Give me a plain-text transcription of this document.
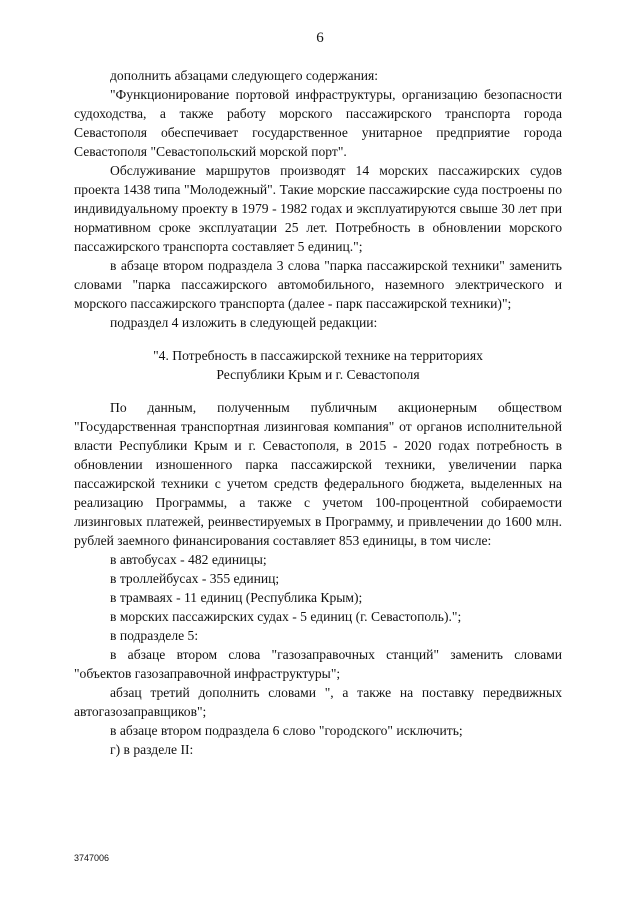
6

дополнить абзацами следующего содержания:

"Функционирование портовой инфраструктуры, организацию безопасности судоходства, а также работу морского пассажирского транспорта города Севастополя обеспечивает государственное унитарное предприятие города Севастополя "Севастопольский морской порт".

Обслуживание маршрутов производят 14 морских пассажирских судов проекта 1438 типа "Молодежный". Такие морские пассажирские суда построены по индивидуальному проекту в 1979 - 1982 годах и эксплуатируются свыше 30 лет при нормативном сроке эксплуатации 25 лет. Потребность в обновлении морского пассажирского транспорта составляет 5 единиц.";

в абзаце втором подраздела 3 слова "парка пассажирской техники" заменить словами "парка пассажирского автомобильного, наземного электрического и морского пассажирского транспорта (далее - парк пассажирской техники)";

подраздел 4 изложить в следующей редакции:

"4. Потребность в пассажирской технике на территориях
Республики Крым и г. Севастополя

По данным, полученным публичным акционерным обществом "Государственная транспортная лизинговая компания" от органов исполнительной власти Республики Крым и г. Севастополя, в 2015 - 2020 годах потребность в обновлении изношенного парка пассажирской техники, увеличении парка пассажирской техники с учетом средств федерального бюджета, выделенных на реализацию Программы, а также с учетом 100-процентной собираемости лизинговых платежей, реинвестируемых в Программу, и привлечении до 1600 млн. рублей заемного финансирования составляет 853 единицы, в том числе:

в автобусах - 482 единицы;

в троллейбусах - 355 единиц;

в трамваях - 11 единиц (Республика Крым);

в морских пассажирских судах - 5 единиц (г. Севастополь).";

в подразделе 5:

в абзаце втором слова "газозаправочных станций" заменить словами "объектов газозаправочной инфраструктуры";

абзац третий дополнить словами ", а также на поставку передвижных автогазозаправщиков";

в абзаце втором подраздела 6 слово "городского" исключить;

г) в разделе II:

3747006
